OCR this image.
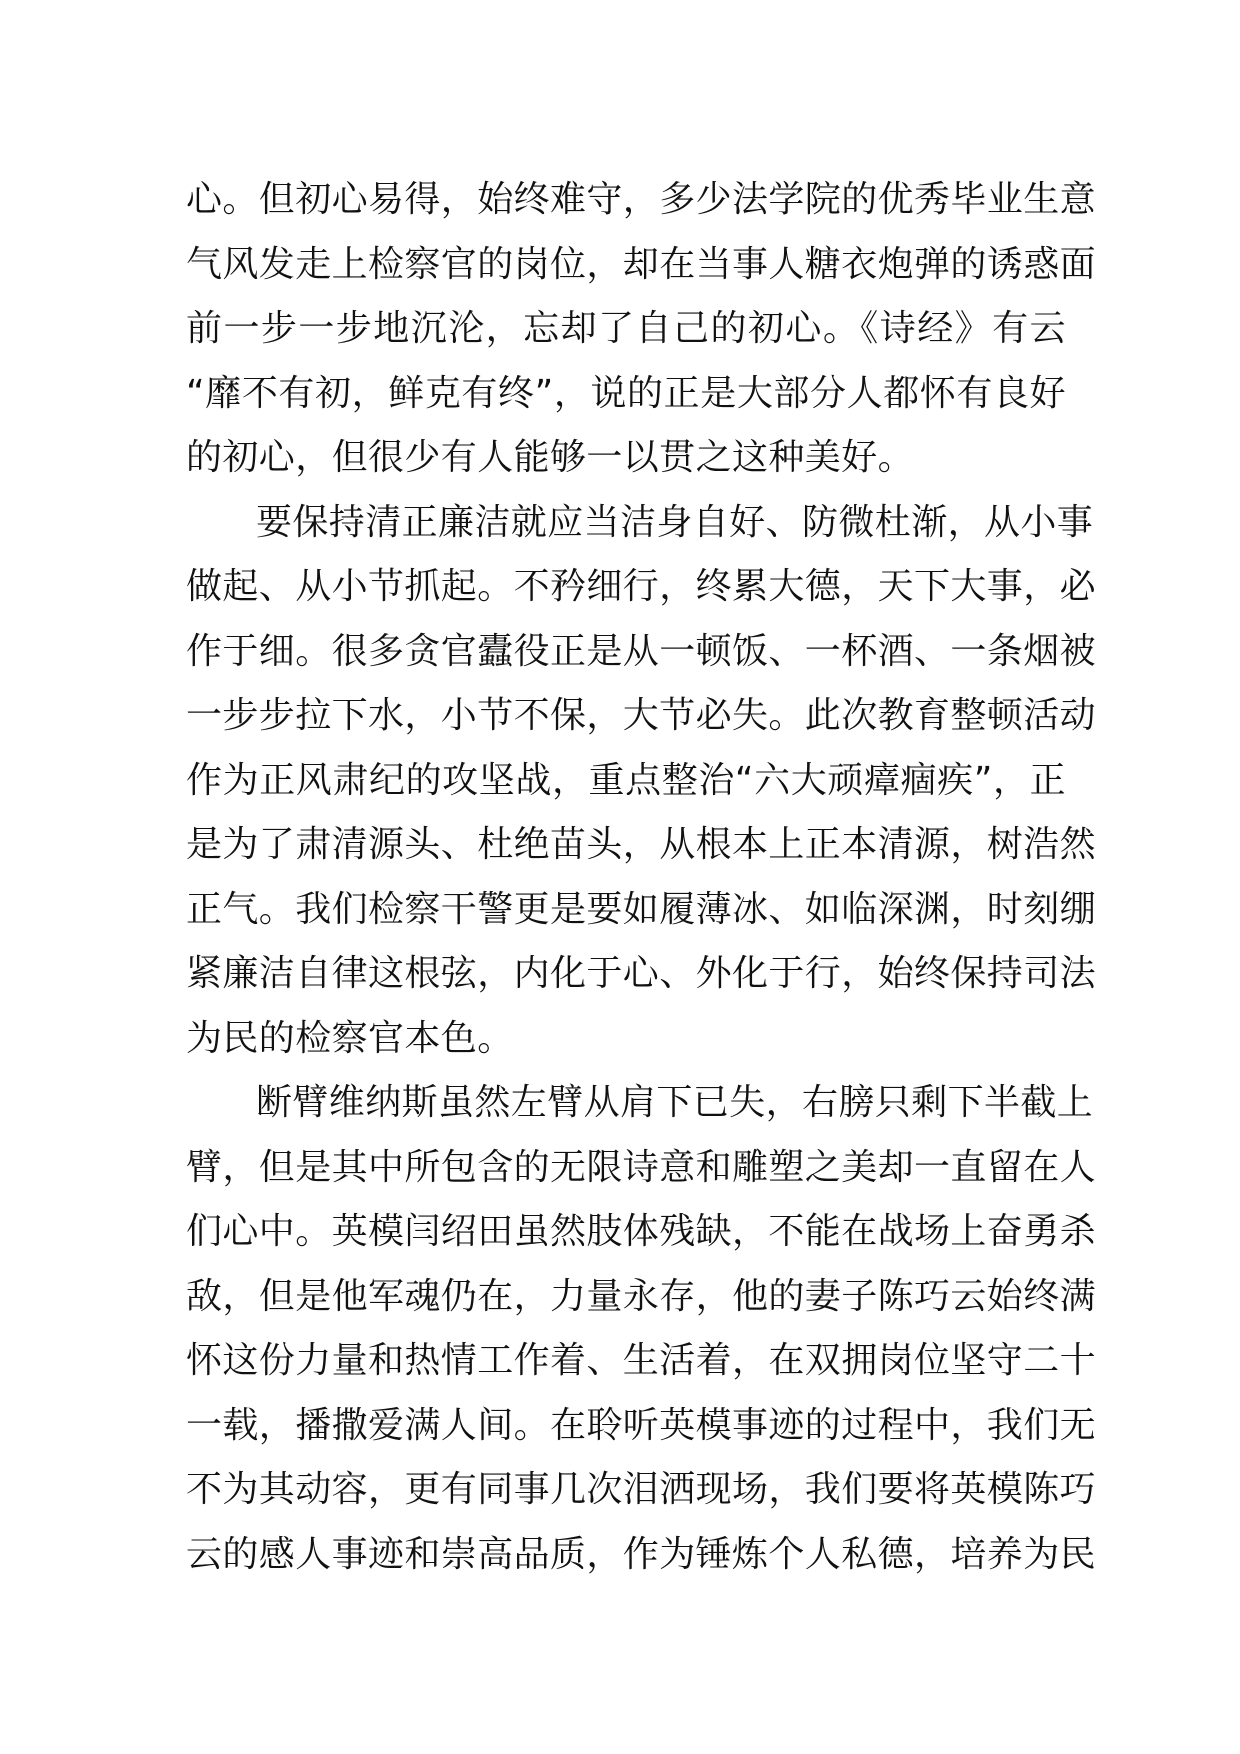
心。但初心易得，始终难守，多少法学院的优秀毕业生意
气风发走上检察官的岗位，却在当事人糖衣炮弹的诱惑面
前一步一步地沉沦，忘却了自己的初心。《诗经》有云
“靡不有初，鲜克有终”，说的正是大部分人都怀有良好
的初心，但很少有人能够一以贯之这种美好。
要保持清正廉洁就应当洁身自好、防微杜渐，从小事
做起、从小节抓起。不矜细行，终累大德，天下大事，必
作于细。很多贪官蠹役正是从一顿饭、一杯酒、一条烟被
一步步拉下水，小节不保，大节必失。此次教育整顿活动
作为正风肃纪的攻坚战，重点整治“六大顽瘴痼疾”，正
是为了肃清源头、杜绝苗头，从根本上正本清源，树浩然
正气。我们检察干警更是要如履薄冰、如临深渊，时刻绷
紧廉洁自律这根弦，内化于心、外化于行，始终保持司法
为民的检察官本色。
断臂维纳斯虽然左臂从肩下已失，右膀只剩下半截上
臂，但是其中所包含的无限诗意和雕塑之美却一直留在人
们心中。英模闫绍田虽然肢体残缺，不能在战场上奋勇杀
敌，但是他军魂仍在，力量永存，他的妻子陈巧云始终满
怀这份力量和热情工作着、生活着，在双拥岗位坚守二十
一载，播撒爱满人间。在聆听英模事迹的过程中，我们无
不为其动容，更有同事几次泪洒现场，我们要将英模陈巧
云的感人事迹和崇高品质，作为锤炼个人私德，培养为民
